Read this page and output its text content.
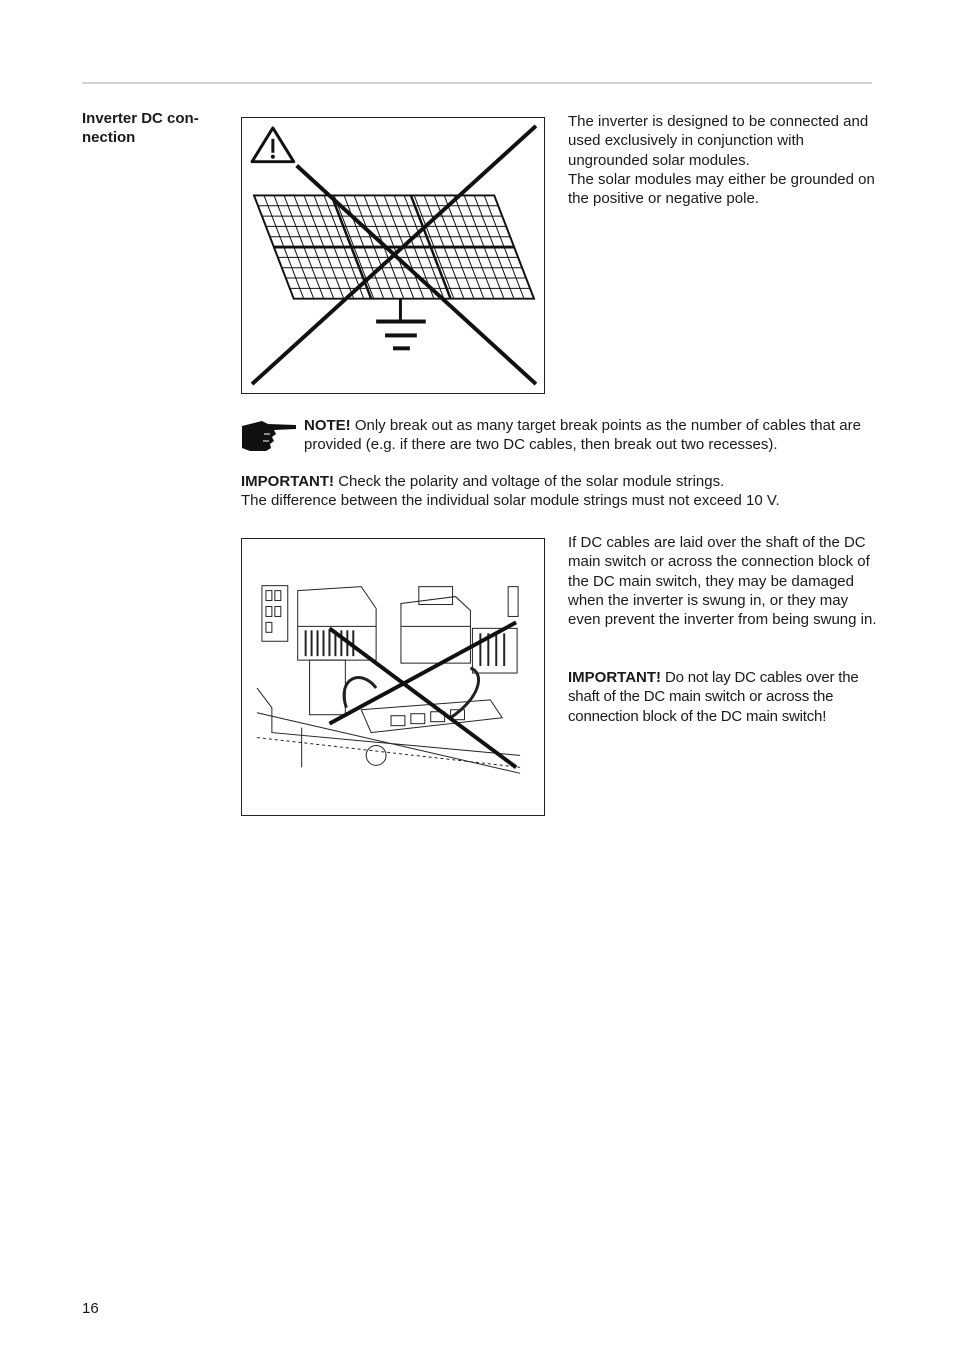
Inverter DC con-
nection
The inverter is designed to be connected and used exclusively in conjunction with ungrounded solar modules.
The solar modules may either be grounded on the positive or negative pole.
NOTE! Only break out as many target break points as the number of cables that are provided (e.g. if there are two DC cables, then break out two recesses).
IMPORTANT! Check the polarity and voltage of the solar module strings.
The difference between the individual solar module strings must not exceed 10 V.
If DC cables are laid over the shaft of the DC main switch or across the connection block of the DC main switch, they may be damaged when the inverter is swung in, or they may even prevent the inverter from being swung in.
IMPORTANT! Do not lay DC cables over the shaft of the DC main switch or across the connection block of the DC main switch!
16
